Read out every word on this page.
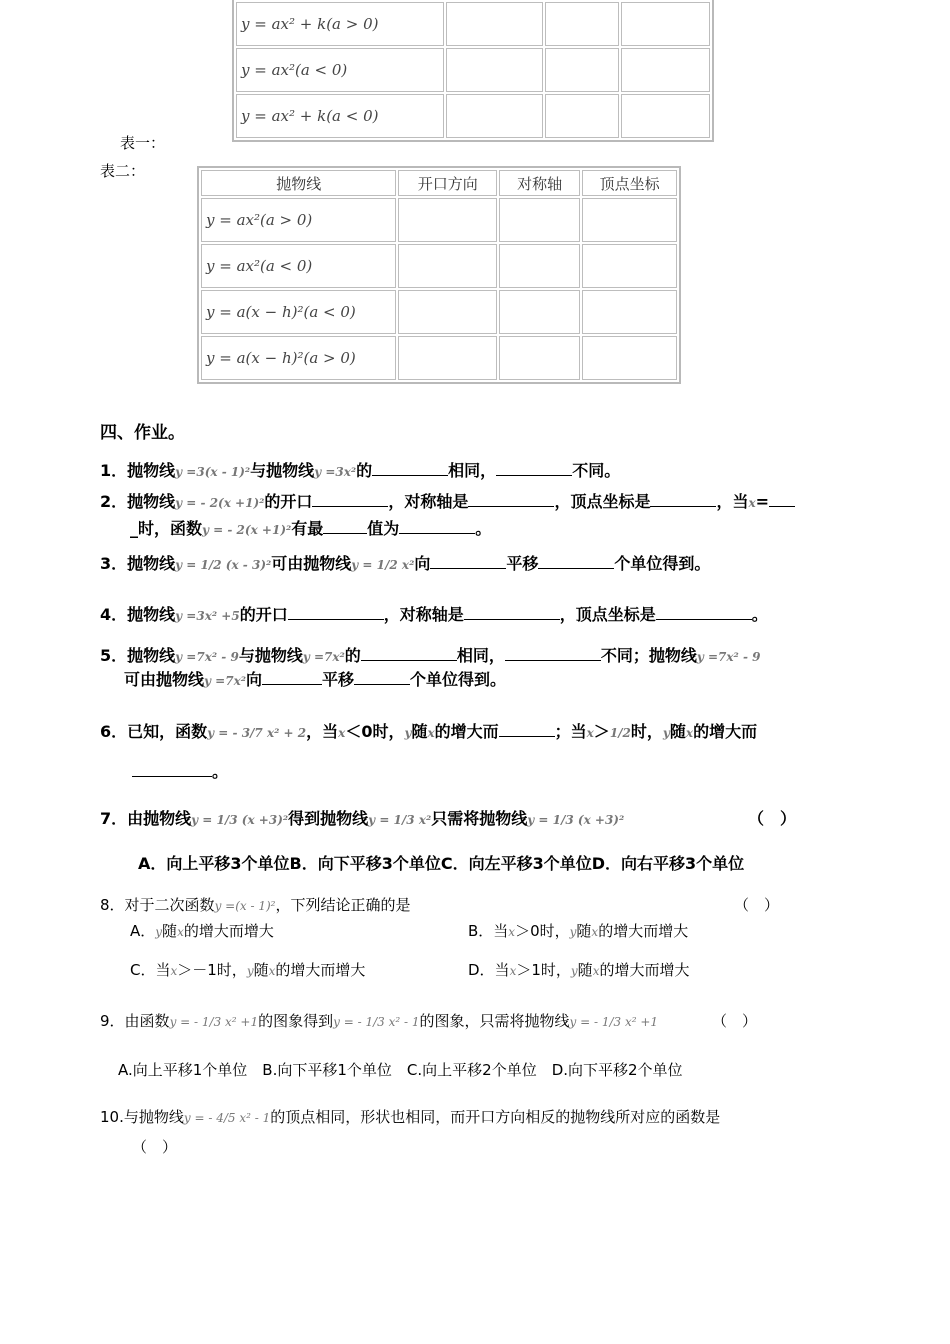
y = ax² + k(a > 0)			
y = ax²(a < 0)			
y = ax² + k(a < 0)			
表一：
表二：
抛物线	开口方向	对称轴	顶点坐标
y = ax²(a > 0)			
y = ax²(a < 0)			
y = a(x − h)²(a < 0)			
y = a(x − h)²(a > 0)			
四、作业。
1．抛物线y =3(x - 1)²与抛物线y =3x²的	相同，	不同。
2．抛物线y = - 2(x +1)²的开口	，对称轴是	，顶点坐标是	，当x=
_时，函数y = - 2(x +1)²有最	值为	。
3．抛物线y = 1/2 (x - 3)²可由抛物线y = 1/2 x²向	平移	个单位得到。
4．抛物线y =3x² +5的开口	，对称轴是	，顶点坐标是	。
5．抛物线y =7x² - 9与抛物线y =7x²的	相同，	不同；抛物线y =7x² - 9
可由抛物线y =7x²向	平移	个单位得到。
6．已知，函数y = - 3/7 x² + 2，当x＜0时，y随x的增大而	；当x＞1/2时，y随x的增大而
。
7．由抛物线y = 1/3 (x +3)²得到抛物线y = 1/3 x²只需将抛物线y = 1/3 (x +3)²	（　）
A．向上平移3个单位B．向下平移3个单位C．向左平移3个单位D．向右平移3个单位
8．对于二次函数y =(x - 1)²，下列结论正确的是	（　）
A．y随x的增大而增大	B．当x＞0时，y随x的增大而增大
C．当x＞－1时，y随x的增大而增大	D．当x＞1时，y随x的增大而增大
9．由函数y = - 1/3 x² +1的图象得到y = - 1/3 x² - 1的图象，只需将抛物线y = - 1/3 x² +1	（　）
A.向上平移1个单位　B.向下平移1个单位　C.向上平移2个单位　D.向下平移2个单位
10.与抛物线y = - 4/5 x² - 1的顶点相同，形状也相同，而开口方向相反的抛物线所对应的函数是
（　）
